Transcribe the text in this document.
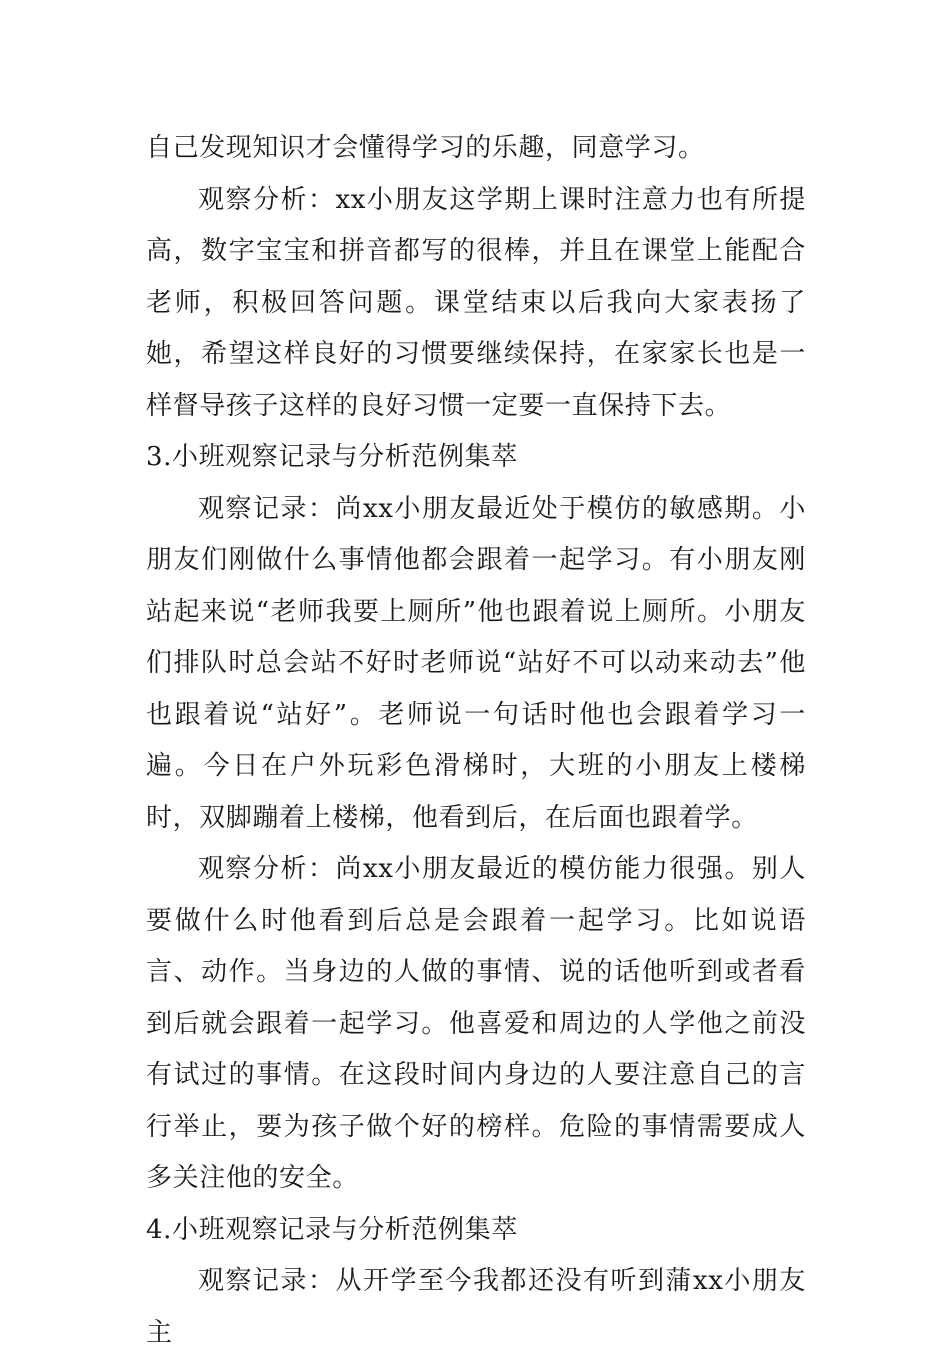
自己发现知识才会懂得学习的乐趣，同意学习。

观察分析：xx小朋友这学期上课时注意力也有所提高，数字宝宝和拼音都写的很棒，并且在课堂上能配合老师，积极回答问题。课堂结束以后我向大家表扬了她，希望这样良好的习惯要继续保持，在家家长也是一样督导孩子这样的良好习惯一定要一直保持下去。

3.小班观察记录与分析范例集萃

观察记录：尚xx小朋友最近处于模仿的敏感期。小朋友们刚做什么事情他都会跟着一起学习。有小朋友刚站起来说“老师我要上厕所”他也跟着说上厕所。小朋友们排队时总会站不好时老师说“站好不可以动来动去”他也跟着说“站好”。老师说一句话时他也会跟着学习一遍。今日在户外玩彩色滑梯时，大班的小朋友上楼梯时，双脚蹦着上楼梯，他看到后，在后面也跟着学。

观察分析：尚xx小朋友最近的模仿能力很强。别人要做什么时他看到后总是会跟着一起学习。比如说语言、动作。当身边的人做的事情、说的话他听到或者看到后就会跟着一起学习。他喜爱和周边的人学他之前没有试过的事情。在这段时间内身边的人要注意自己的言行举止，要为孩子做个好的榜样。危险的事情需要成人多关注他的安全。

4.小班观察记录与分析范例集萃

观察记录：从开学至今我都还没有听到蒲xx小朋友主
